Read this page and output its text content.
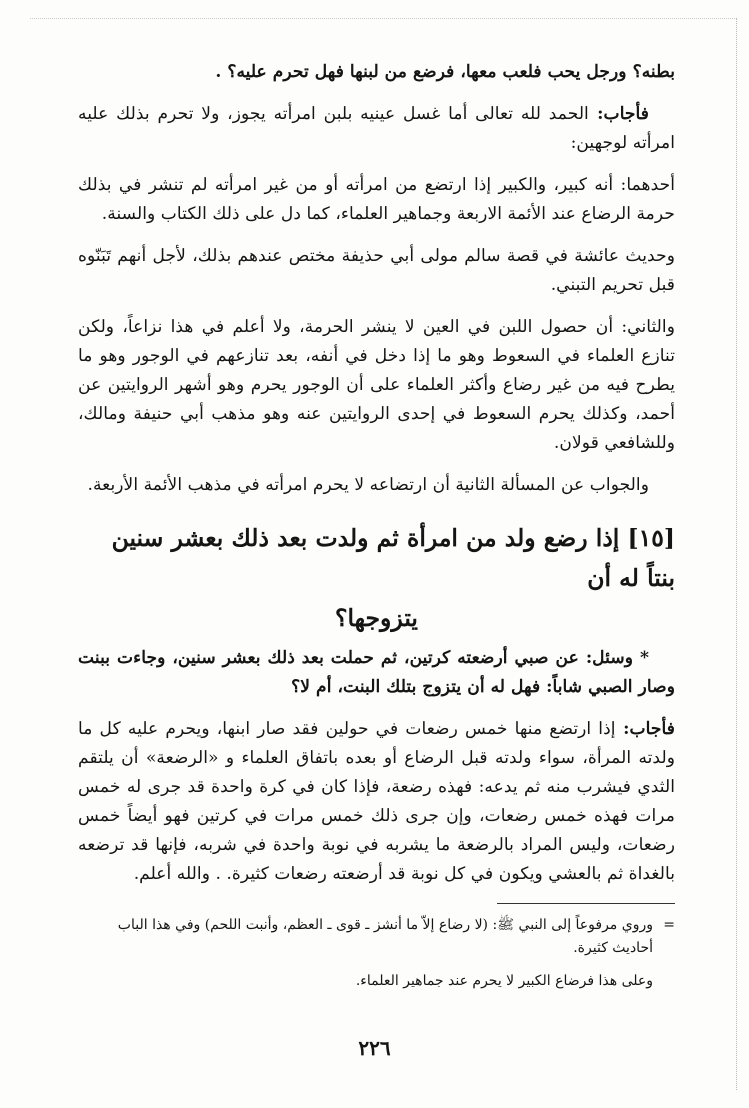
بطنه؟ ورجل يحب فلعب معها، فرضع من لبنها فهل تحرم عليه؟ .

فأجاب: الحمد لله تعالى أما غسل عينيه بلبن امرأته يجوز، ولا تحرم بذلك عليه امرأته لوجهين:

أحدهما: أنه كبير، والكبير إذا ارتضع من امرأته أو من غير امرأته لم تنشر في بذلك حرمة الرضاع عند الأئمة الاربعة وجماهير العلماء، كما دل على ذلك الكتاب والسنة.

وحديث عائشة في قصة سالم مولى أبي حذيفة مختص عندهم بذلك، لأجل أنهم تَبَنّوه قبل تحريم التبني.

والثاني: أن حصول اللبن في العين لا ينشر الحرمة، ولا أعلم في هذا نزاعاً، ولكن تنازع العلماء في السعوط وهو ما إذا دخل في أنفه، بعد تنازعهم في الوجور وهو ما يطرح فيه من غير رضاع وأكثر العلماء على أن الوجور يحرم وهو أشهر الروايتين عن أحمد، وكذلك يحرم السعوط في إحدى الروايتين عنه وهو مذهب أبي حنيفة ومالك، وللشافعي قولان.

والجواب عن المسألة الثانية أن ارتضاعه لا يحرم امرأته في مذهب الأئمة الأربعة.

[١٥] إذا رضع ولد من امرأة ثم ولدت بعد ذلك بعشر سنين بنتاً له أن
يتزوجها؟

* وسئل: عن صبي أرضعته كرتين، ثم حملت بعد ذلك بعشر سنين، وجاءت ببنت وصار الصبي شاباً: فهل له أن يتزوج بتلك البنت، أم لا؟

فأجاب: إذا ارتضع منها خمس رضعات في حولين فقد صار ابنها، ويحرم عليه كل ما ولدته المرأة، سواء ولدته قبل الرضاع أو بعده باتفاق العلماء و «الرضعة» أن يلتقم الثدي فيشرب منه ثم يدعه: فهذه رضعة، فإذا كان في كرة واحدة قد جرى له خمس مرات فهذه خمس رضعات، وإن جرى ذلك خمس مرات في كرتين فهو أيضاً خمس رضعات، وليس المراد بالرضعة ما يشربه في نوبة واحدة في شربه، فإنها قد ترضعه بالغداة ثم بالعشي ويكون في كل نوبة قد أرضعته رضعات كثيرة. . والله أعلم.

=
وروي مرفوعاً إلى النبي ﷺ: (لا رضاع إلاّ ما أنشز ـ قوى ـ العظم، وأنبت اللحم) وفي هذا الباب أحاديث كثيرة.

وعلى هذا فرضاع الكبير لا يحرم عند جماهير العلماء.

٢٢٦
